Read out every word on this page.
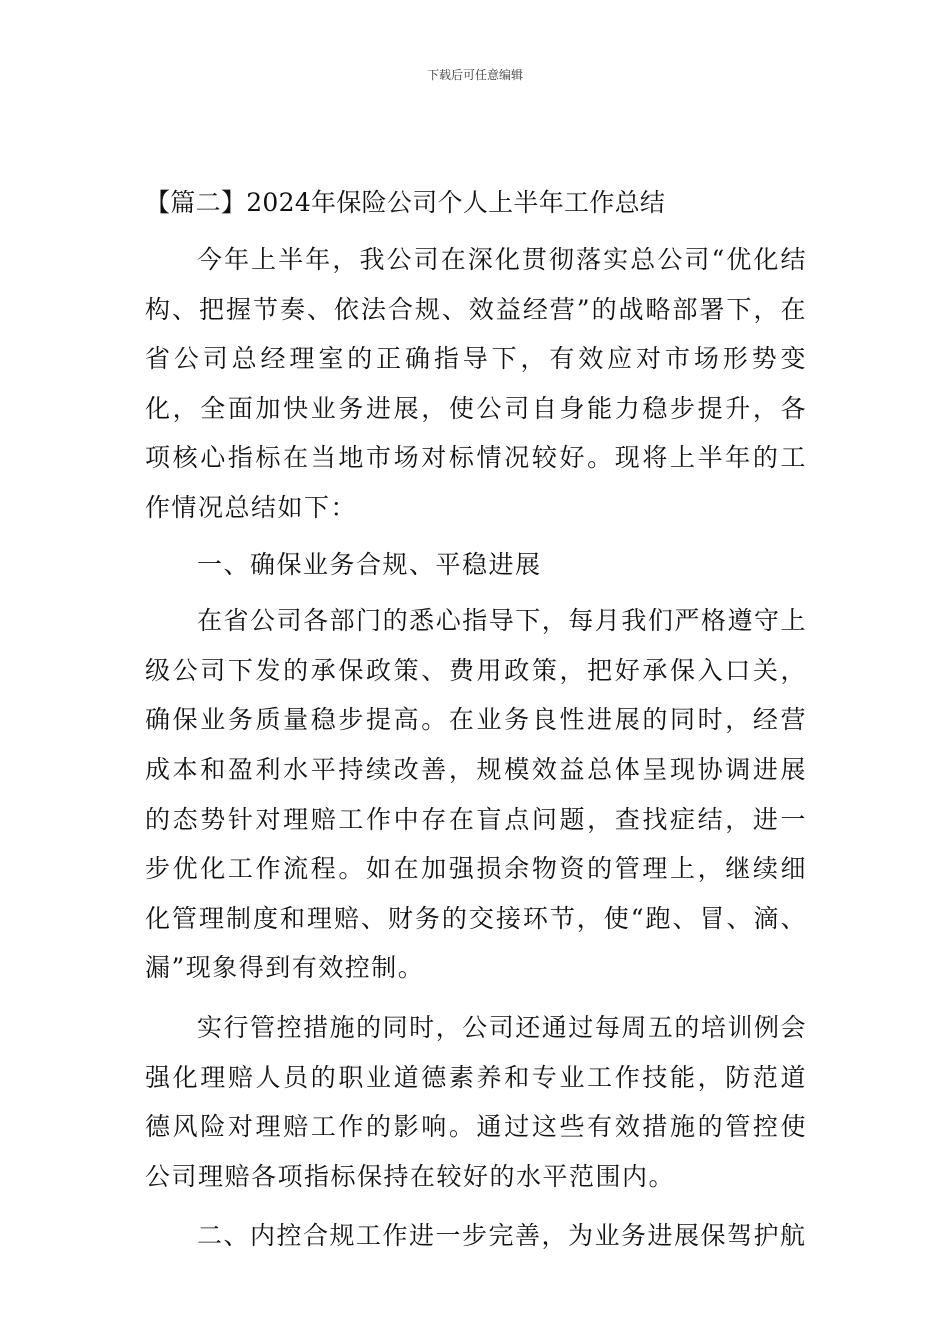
下载后可任意编辑
【篇二】2024年保险公司个人上半年工作总结

今年上半年，我公司在深化贯彻落实总公司“优化结构、把握节奏、依法合规、效益经营”的战略部署下，在省公司总经理室的正确指导下，有效应对市场形势变化，全面加快业务进展，使公司自身能力稳步提升，各项核心指标在当地市场对标情况较好。现将上半年的工作情况总结如下：

一、确保业务合规、平稳进展

在省公司各部门的悉心指导下，每月我们严格遵守上级公司下发的承保政策、费用政策，把好承保入口关，确保业务质量稳步提高。在业务良性进展的同时，经营成本和盈利水平持续改善，规模效益总体呈现协调进展的态势针对理赔工作中存在盲点问题，查找症结，进一步优化工作流程。如在加强损余物资的管理上，继续细化管理制度和理赔、财务的交接环节，使“跑、冒、滴、漏”现象得到有效控制。

实行管控措施的同时，公司还通过每周五的培训例会强化理赔人员的职业道德素养和专业工作技能，防范道德风险对理赔工作的影响。通过这些有效措施的管控使公司理赔各项指标保持在较好的水平范围内。

二、内控合规工作进一步完善，为业务进展保驾护航
